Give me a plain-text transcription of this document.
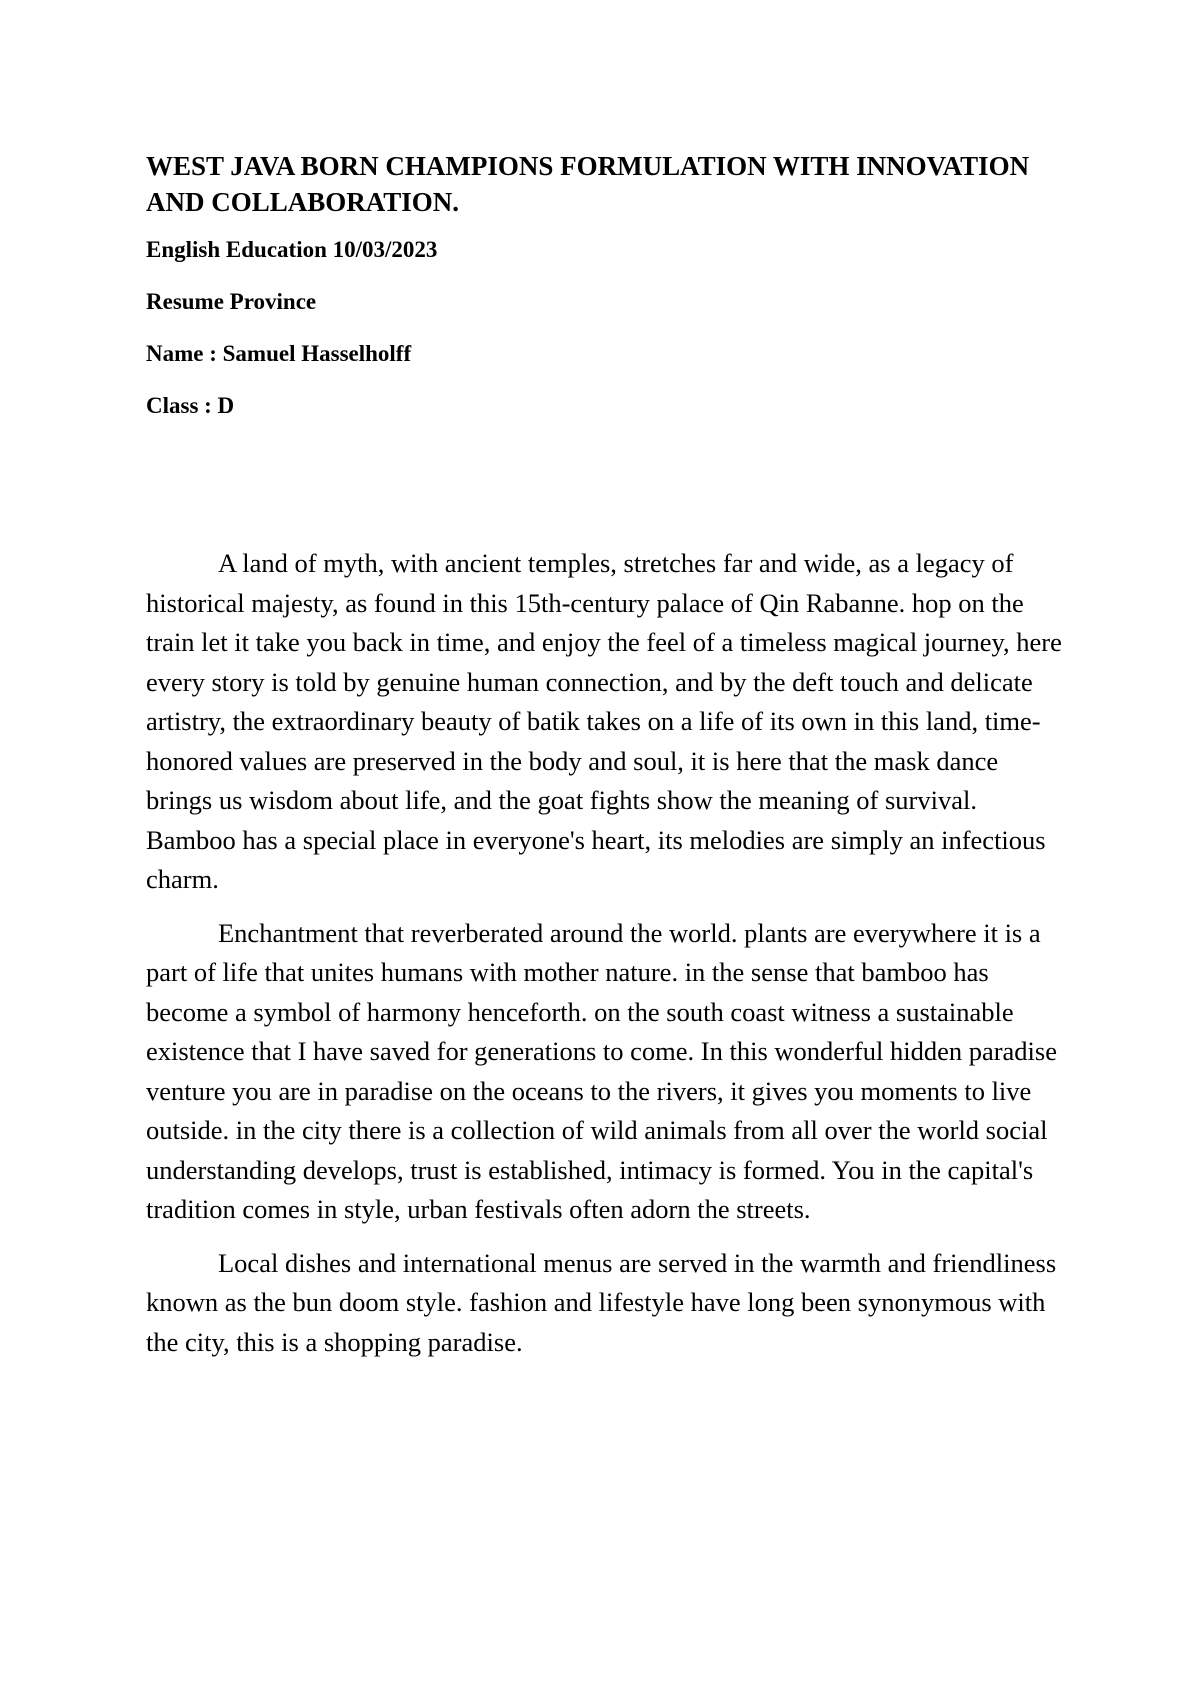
WEST JAVA BORN CHAMPIONS FORMULATION WITH INNOVATION AND COLLABORATION.

English Education 10/03/2023

Resume Province

Name : Samuel Hasselholff

Class : D

A land of myth, with ancient temples, stretches far and wide, as a legacy of historical majesty, as found in this 15th-century palace of Qin Rabanne. hop on the train let it take you back in time, and enjoy the feel of a timeless magical journey, here every story is told by genuine human connection, and by the deft touch and delicate artistry, the extraordinary beauty of batik takes on a life of its own in this land, time-honored values are preserved in the body and soul, it is here that the mask dance brings us wisdom about life, and the goat fights show the meaning of survival. Bamboo has a special place in everyone's heart, its melodies are simply an infectious charm.

Enchantment that reverberated around the world. plants are everywhere it is a part of life that unites humans with mother nature. in the sense that bamboo has become a symbol of harmony henceforth. on the south coast witness a sustainable existence that I have saved for generations to come. In this wonderful hidden paradise venture you are in paradise on the oceans to the rivers, it gives you moments to live outside. in the city there is a collection of wild animals from all over the world social understanding develops, trust is established, intimacy is formed. You in the capital's tradition comes in style, urban festivals often adorn the streets.

Local dishes and international menus are served in the warmth and friendliness known as the bun doom style. fashion and lifestyle have long been synonymous with the city, this is a shopping paradise.
